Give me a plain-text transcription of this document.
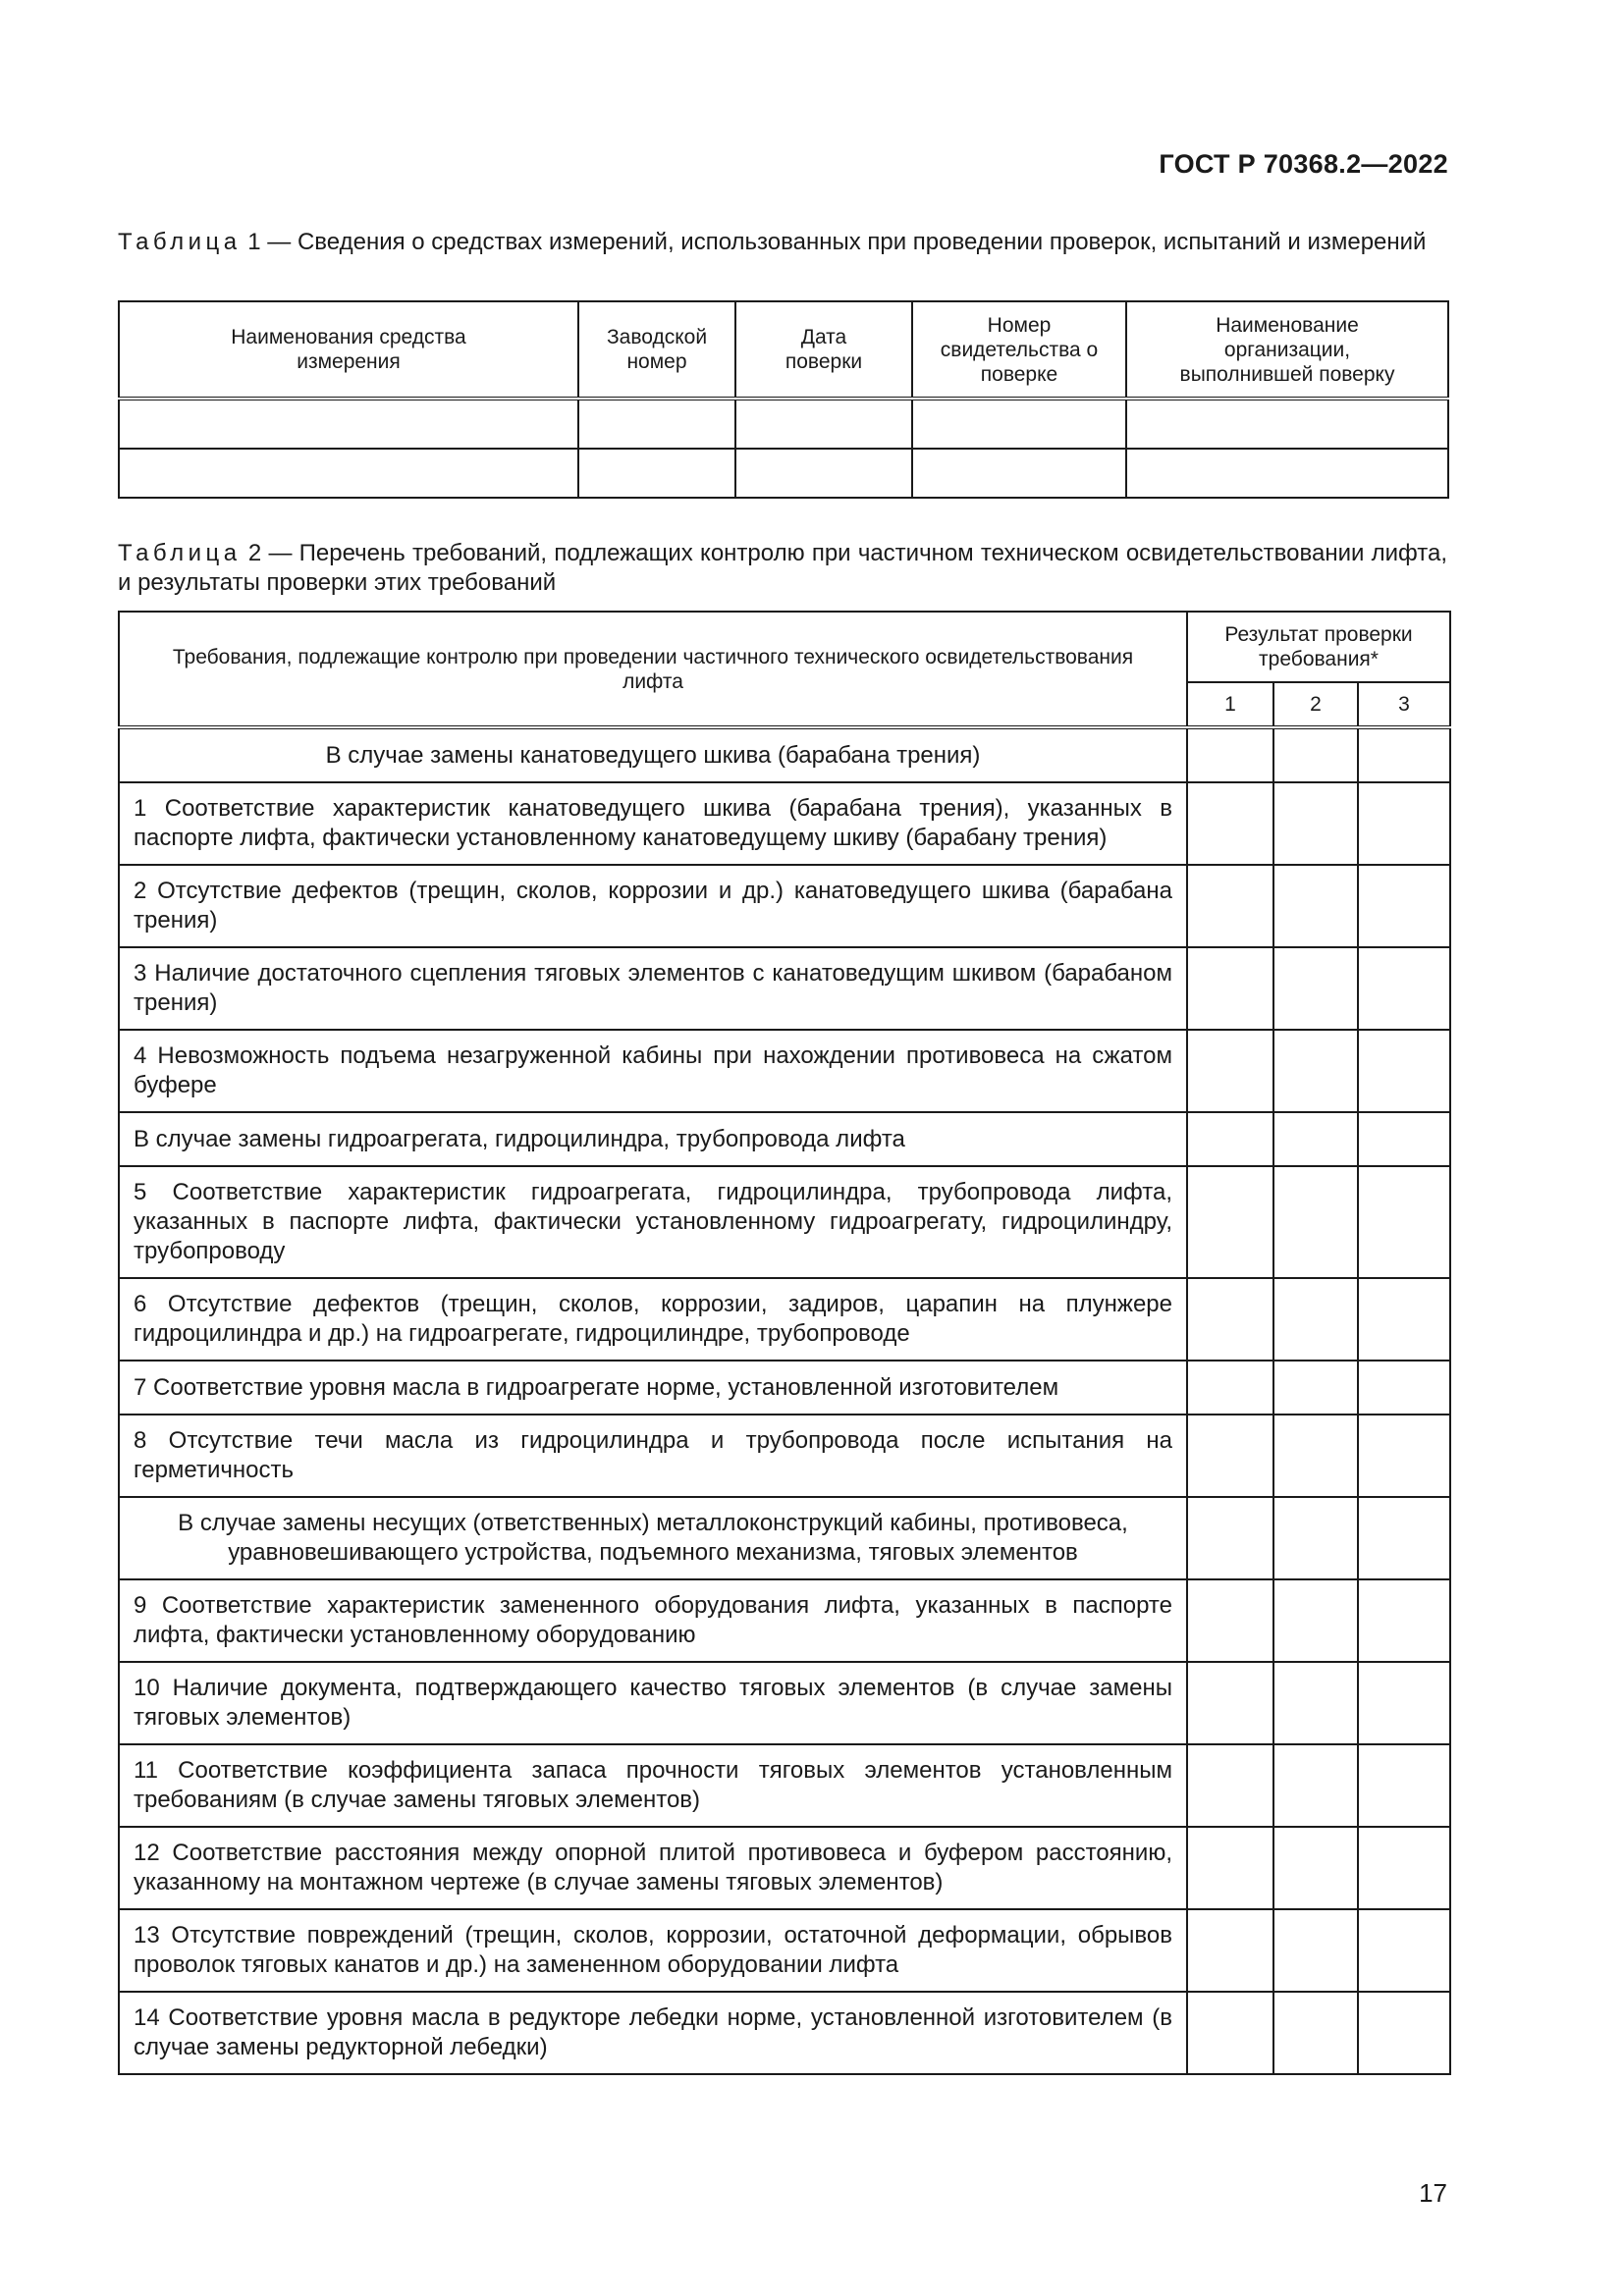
ГОСТ Р 70368.2—2022
Таблица 1 — Сведения о средствах измерений, использованных при проведении проверок, испытаний и измерений
Наименования средства измерения	Заводской номер	Дата поверки	Номер свидетельства о поверке	Наименование организации, выполнившей поверку

Таблица 2 — Перечень требований, подлежащих контролю при частичном техническом освидетельствовании лифта, и результаты проверки этих требований
Требования, подлежащие контролю при проведении частичного технического освидетельствования лифта	Результат проверки требования*		
	1	2	3
В случае замены канатоведущего шкива (барабана трения)			
1 Соответствие характеристик канатоведущего шкива (барабана трения), указанных в паспорте лифта, фактически установленному канатоведущему шкиву (барабану трения)			
2 Отсутствие дефектов (трещин, сколов, коррозии и др.) канатоведущего шкива (барабана трения)			
3 Наличие достаточного сцепления тяговых элементов с канатоведущим шкивом (барабаном трения)			
4 Невозможность подъема незагруженной кабины при нахождении противовеса на сжатом буфере			
В случае замены гидроагрегата, гидроцилиндра, трубопровода лифта			
5 Соответствие характеристик гидроагрегата, гидроцилиндра, трубопровода лифта, указанных в паспорте лифта, фактически установленному гидроагрегату, гидроцилиндру, трубопроводу			
6 Отсутствие дефектов (трещин, сколов, коррозии, задиров, царапин на плунжере гидроцилиндра и др.) на гидроагрегате, гидроцилиндре, трубопроводе			
7 Соответствие уровня масла в гидроагрегате норме, установленной изготовителем			
8 Отсутствие течи масла из гидроцилиндра и трубопровода после испытания на герметичность			
В случае замены несущих (ответственных) металлоконструкций кабины, противовеса, уравновешивающего устройства, подъемного механизма, тяговых элементов			
9 Соответствие характеристик замененного оборудования лифта, указанных в паспорте лифта, фактически установленному оборудованию			
10 Наличие документа, подтверждающего качество тяговых элементов (в случае замены тяговых элементов)			
11 Соответствие коэффициента запаса прочности тяговых элементов установленным требованиям (в случае замены тяговых элементов)			
12 Соответствие расстояния между опорной плитой противовеса и буфером расстоянию, указанному на монтажном чертеже (в случае замены тяговых элементов)			
13 Отсутствие повреждений (трещин, сколов, коррозии, остаточной деформации, обрывов проволок тяговых канатов и др.) на замененном оборудовании лифта			
14 Соответствие уровня масла в редукторе лебедки норме, установленной изготовителем (в случае замены редукторной лебедки)			
17
